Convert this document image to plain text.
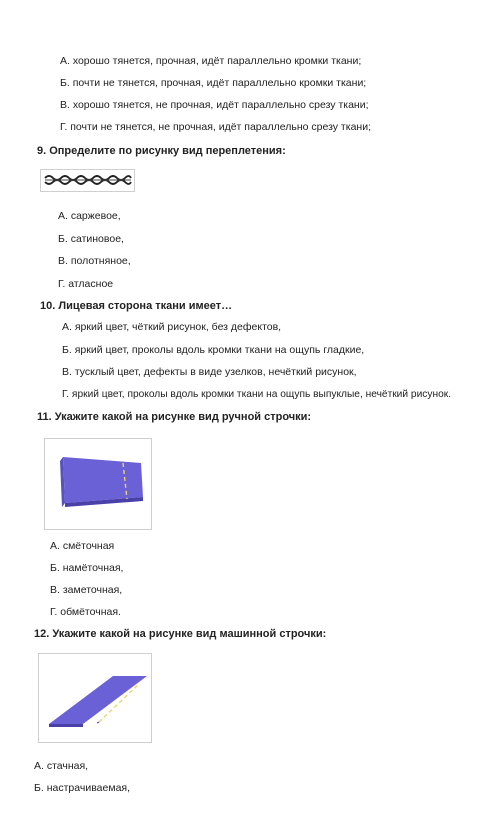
А. хорошо тянется, прочная, идёт параллельно кромки ткани;
Б. почти не тянется, прочная, идёт параллельно кромки ткани;
В. хорошо тянется, не прочная, идёт параллельно срезу ткани;
Г. почти не тянется, не прочная, идёт параллельно срезу ткани;
9. Определите по рисунку вид переплетения:
А. саржевое,
Б. сатиновое,
В. полотняное,
Г. атласное
10. Лицевая сторона ткани имеет…
А. яркий цвет, чёткий рисунок, без дефектов,
Б. яркий цвет, проколы вдоль кромки ткани на ощупь гладкие,
В. тусклый цвет, дефекты в виде узелков, нечёткий рисунок,
Г. яркий цвет, проколы вдоль кромки ткани на ощупь выпуклые, нечёткий рисунок.
11. Укажите какой на рисунке вид ручной строчки:
А. смёточная
Б. намёточная,
В. заметочная,
Г. обмёточная.
12. Укажите какой на рисунке вид машинной строчки:
А. стачная,
Б. настрачиваемая,
